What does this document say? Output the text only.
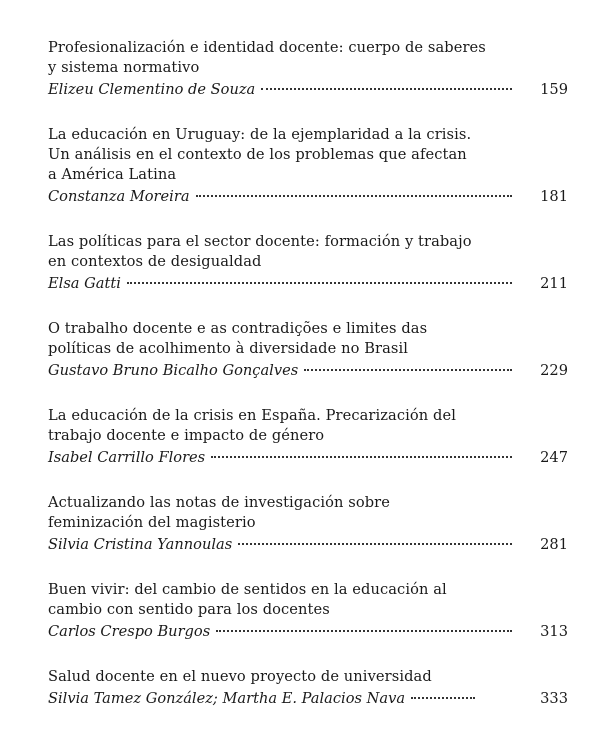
Profesionalización e identidad docente: cuerpo de saberes
y sistema normativo
Elizeu Clementino de Souza	159
La educación en Uruguay: de la ejemplaridad a la crisis.
Un análisis en el contexto de los problemas que afectan
a América Latina
Constanza Moreira	181
Las políticas para el sector docente: formación y trabajo
en contextos de desigualdad
Elsa Gatti	211
O trabalho docente e as contradições e limites das
políticas de acolhimento à diversidade no Brasil
Gustavo Bruno Bicalho Gonçalves	229
La educación de la crisis en España. Precarización del
trabajo docente e impacto de género
Isabel Carrillo Flores	247
Actualizando las notas de investigación sobre
feminización del magisterio
Silvia Cristina Yannoulas	281
Buen vivir: del cambio de sentidos en la educación al
cambio con sentido para los docentes
Carlos Crespo Burgos	313
Salud docente en el nuevo proyecto de universidad
Silvia Tamez González; Martha E. Palacios Nava	333
